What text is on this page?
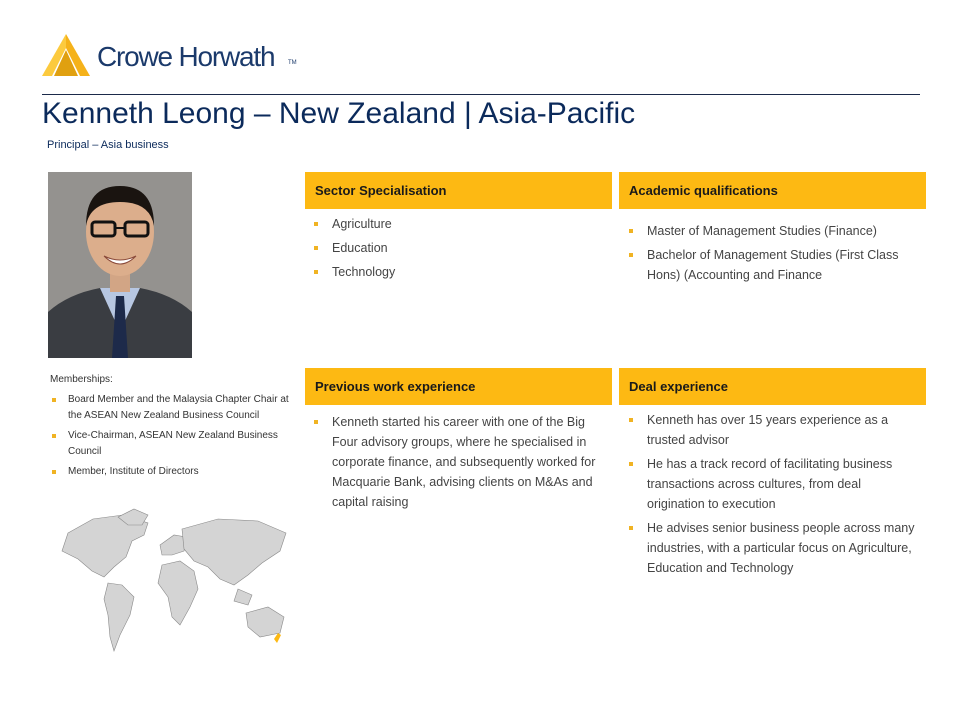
Crowe Horwath TM
Kenneth Leong – New Zealand | Asia-Pacific
Principal – Asia business
Memberships:
Board Member and the Malaysia Chapter Chair at the ASEAN New Zealand Business Council
Vice-Chairman, ASEAN New Zealand Business Council
Member, Institute of Directors
Sector Specialisation
Agriculture
Education
Technology
Academic qualifications
Master of Management Studies (Finance)
Bachelor of Management Studies (First Class Hons) (Accounting and Finance
Previous work experience
Kenneth started his career with one of the Big Four advisory groups, where he specialised in corporate finance, and subsequently worked for Macquarie Bank, advising clients on M&As and capital raising
Deal experience
Kenneth has over 15 years experience as a trusted advisor
He has a track record of facilitating business transactions across cultures, from deal origination to execution
He advises senior business people across many industries, with a particular focus on Agriculture, Education and Technology
